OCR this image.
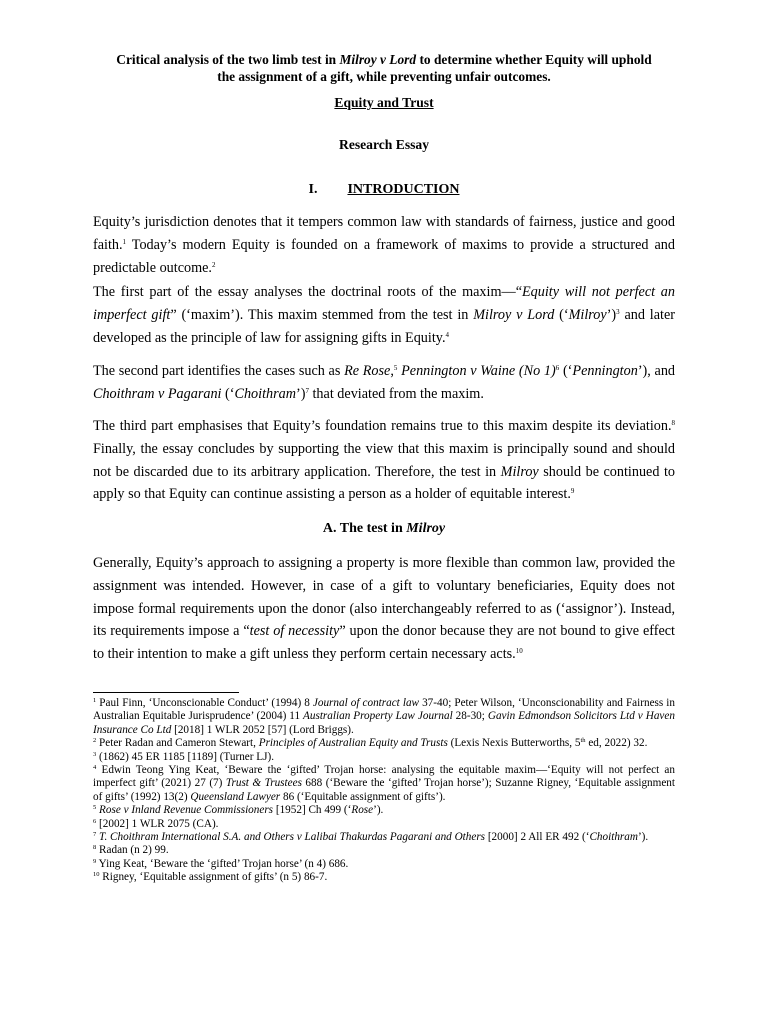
Critical analysis of the two limb test in Milroy v Lord to determine whether Equity will uphold
the assignment of a gift, while preventing unfair outcomes.
Equity and Trust
Research Essay
I. INTRODUCTION

Equity’s jurisdiction denotes that it tempers common law with standards of fairness, justice and good faith.$^1$ Today’s modern Equity is founded on a framework of maxims to provide a structured and predictable outcome.$^2$

The first part of the essay analyses the doctrinal roots of the maxim—“Equity will not perfect an imperfect gift” (‘maxim’). This maxim stemmed from the test in Milroy v Lord (‘Milroy’)$^3$ and later developed as the principle of law for assigning gifts in Equity.$^4$

The second part identifies the cases such as Re Rose,$^5$ Pennington v Waine (No 1)$^6$ (‘Pennington’), and Choithram v Pagarani (‘Choithram’)$^7$ that deviated from the maxim.

The third part emphasises that Equity’s foundation remains true to this maxim despite its deviation.$^8$ Finally, the essay concludes by supporting the view that this maxim is principally sound and should not be discarded due to its arbitrary application. Therefore, the test in Milroy should be continued to apply so that Equity can continue assisting a person as a holder of equitable interest.$^9$

A. The test in Milroy

Generally, Equity’s approach to assigning a property is more flexible than common law, provided the assignment was intended. However, in case of a gift to voluntary beneficiaries, Equity does not impose formal requirements upon the donor (also interchangeably referred to as (‘assignor’). Instead, its requirements impose a “test of necessity” upon the donor because they are not bound to give effect to their intention to make a gift unless they perform certain necessary acts.$^{10}$

$^1$ Paul Finn, ‘Unconscionable Conduct’ (1994) 8 Journal of contract law 37-40; Peter Wilson, ‘Unconscionability and Fairness in Australian Equitable Jurisprudence’ (2004) 11 Australian Property Law Journal 28-30; Gavin Edmondson Solicitors Ltd v Haven Insurance Co Ltd [2018] 1 WLR 2052 [57] (Lord Briggs).

$^2$ Peter Radan and Cameron Stewart, Principles of Australian Equity and Trusts (Lexis Nexis Butterworths, 5th ed, 2022) 32.

$^3$ (1862) 45 ER 1185 [1189] (Turner LJ).

$^4$ Edwin Teong Ying Keat, ‘Beware the ‘gifted’ Trojan horse: analysing the equitable maxim—‘Equity will not perfect an imperfect gift’ (2021) 27 (7) Trust & Trustees 688 (‘Beware the ‘gifted’ Trojan horse’); Suzanne Rigney, ‘Equitable assignment of gifts’ (1992) 13(2) Queensland Lawyer 86 (‘Equitable assignment of gifts’).

$^5$ Rose v Inland Revenue Commissioners [1952] Ch 499 (‘Rose’).

$^6$ [2002] 1 WLR 2075 (CA).

$^7$ T. Choithram International S.A. and Others v Lalibai Thakurdas Pagarani and Others [2000] 2 All ER 492 (‘Choithram’).

$^8$ Radan (n 2) 99.

$^9$ Ying Keat, ‘Beware the ‘gifted’ Trojan horse’ (n 4) 686.

$^{10}$ Rigney, ‘Equitable assignment of gifts’ (n 5) 86-7.
